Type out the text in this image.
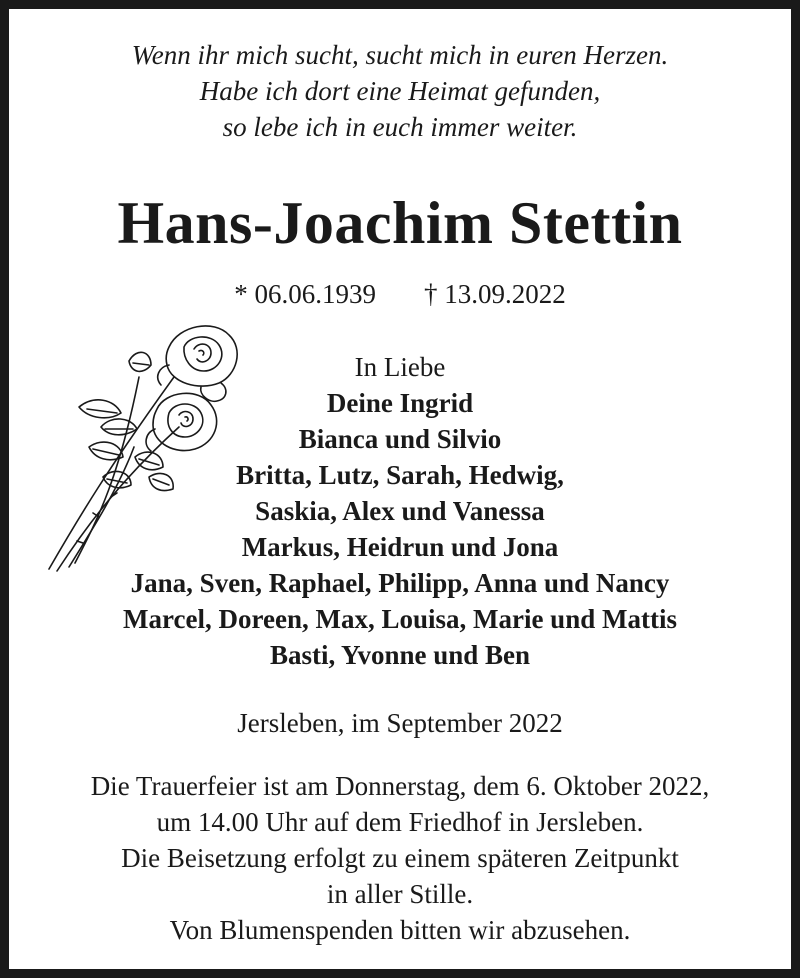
Wenn ihr mich sucht, sucht mich in euren Herzen.
Habe ich dort eine Heimat gefunden,
so lebe ich in euch immer weiter.
Hans-Joachim Stettin
* 06.06.1939 † 13.09.2022
In Liebe
Deine Ingrid
Bianca und Silvio
Britta, Lutz, Sarah, Hedwig,
Saskia, Alex und Vanessa
Markus, Heidrun und Jona
Jana, Sven, Raphael, Philipp, Anna und Nancy
Marcel, Doreen, Max, Louisa, Marie und Mattis
Basti, Yvonne und Ben
Jersleben, im September 2022
Die Trauerfeier ist am Donnerstag, dem 6. Oktober 2022,
um 14.00 Uhr auf dem Friedhof in Jersleben.
Die Beisetzung erfolgt zu einem späteren Zeitpunkt
in aller Stille.
Von Blumenspenden bitten wir abzusehen.
